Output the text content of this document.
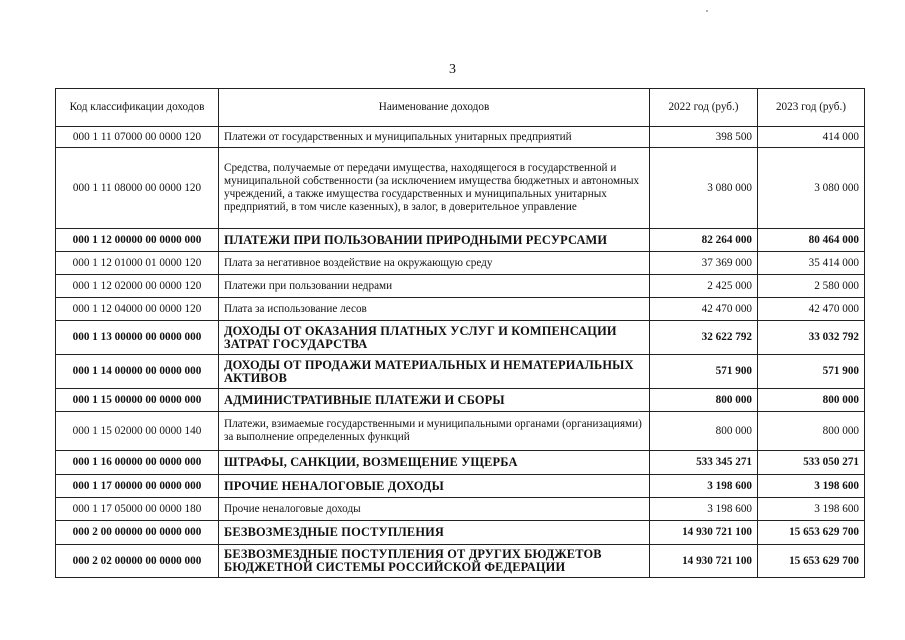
3
Код классификации доходов	Наименование доходов	2022 год (руб.)	2023 год (руб.)
000 1 11 07000 00 0000 120	Платежи от государственных и муниципальных унитарных предприятий	398 500	414 000
000 1 11 08000 00 0000 120	Средства, получаемые от передачи имущества, находящегося в государственной и муниципальной собственности (за исключением имущества бюджетных и автономных учреждений, а также имущества государственных и муниципальных унитарных предприятий, в том числе казенных), в залог, в доверительное управление	3 080 000	3 080 000
000 1 12 00000 00 0000 000	ПЛАТЕЖИ ПРИ ПОЛЬЗОВАНИИ ПРИРОДНЫМИ РЕСУРСАМИ	82 264 000	80 464 000
000 1 12 01000 01 0000 120	Плата за негативное воздействие на окружающую среду	37 369 000	35 414 000
000 1 12 02000 00 0000 120	Платежи при пользовании недрами	2 425 000	2 580 000
000 1 12 04000 00 0000 120	Плата за использование лесов	42 470 000	42 470 000
000 1 13 00000 00 0000 000	ДОХОДЫ ОТ ОКАЗАНИЯ ПЛАТНЫХ УСЛУГ И КОМПЕНСАЦИИ ЗАТРАТ ГОСУДАРСТВА	32 622 792	33 032 792
000 1 14 00000 00 0000 000	ДОХОДЫ ОТ ПРОДАЖИ МАТЕРИАЛЬНЫХ И НЕМАТЕРИАЛЬНЫХ АКТИВОВ	571 900	571 900
000 1 15 00000 00 0000 000	АДМИНИСТРАТИВНЫЕ ПЛАТЕЖИ И СБОРЫ	800 000	800 000
000 1 15 02000 00 0000 140	Платежи, взимаемые государственными и муниципальными органами (организациями) за выполнение определенных функций	800 000	800 000
000 1 16 00000 00 0000 000	ШТРАФЫ, САНКЦИИ, ВОЗМЕЩЕНИЕ УЩЕРБА	533 345 271	533 050 271
000 1 17 00000 00 0000 000	ПРОЧИЕ НЕНАЛОГОВЫЕ ДОХОДЫ	3 198 600	3 198 600
000 1 17 05000 00 0000 180	Прочие неналоговые доходы	3 198 600	3 198 600
000 2 00 00000 00 0000 000	БЕЗВОЗМЕЗДНЫЕ ПОСТУПЛЕНИЯ	14 930 721 100	15 653 629 700
000 2 02 00000 00 0000 000	БЕЗВОЗМЕЗДНЫЕ ПОСТУПЛЕНИЯ ОТ ДРУГИХ БЮДЖЕТОВ БЮДЖЕТНОЙ СИСТЕМЫ РОССИЙСКОЙ ФЕДЕРАЦИИ	14 930 721 100	15 653 629 700
